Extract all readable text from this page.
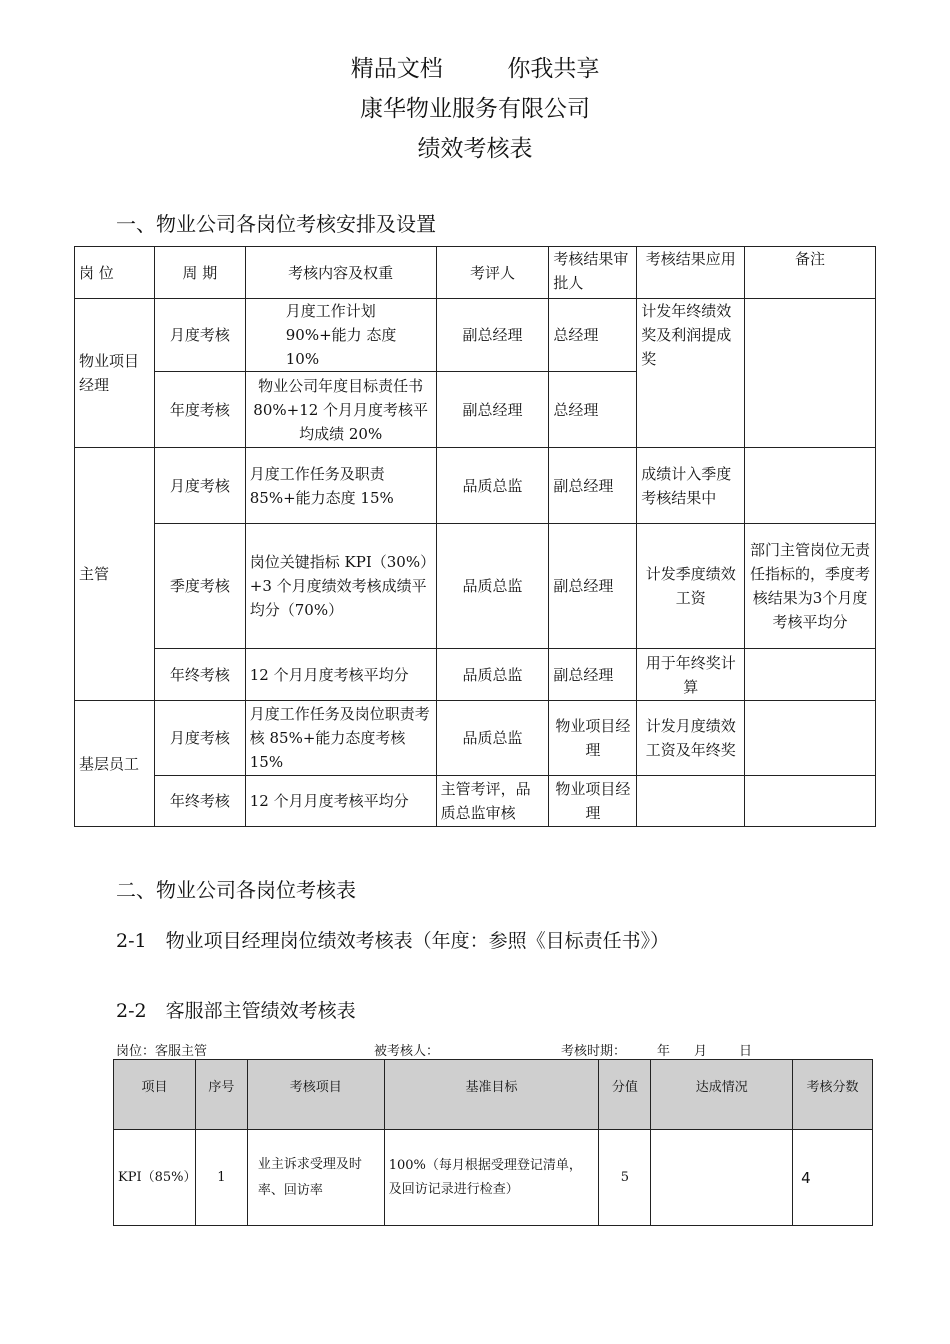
精品文档	你我共享
康华物业服务有限公司
绩效考核表
一、物业公司各岗位考核安排及设置
岗 位	周 期	考核内容及权重	考评人	考核结果审批人	考核结果应用	备注
物业项目经理	月度考核	月度工作计划 90%+能力 态度 10%	副总经理	总经理	计发年终绩效奖及利润提成奖	
	年度考核	物业公司年度目标责任书 80%+12 个月月度考核平均成绩 20%	副总经理	总经理		
主管	月度考核	月度工作任务及职责 85%+能力态度 15%	品质总监	副总经理	成绩计入季度考核结果中	
	季度考核	岗位关键指标 KPI（30%）+3 个月度绩效考核成绩平均分（70%）	品质总监	副总经理	计发季度绩效工资	部门主管岗位无责任指标的，季度考核结果为3个月度考核平均分
	年终考核	12 个月月度考核平均分	品质总监	副总经理	用于年终奖计算	
基层员工	月度考核	月度工作任务及岗位职责考核 85%+能力态度考核 15%	品质总监	物业项目经理	计发月度绩效工资及年终奖	
	年终考核	12 个月月度考核平均分	主管考评，品质总监审核	物业项目经理		
二、物业公司各岗位考核表
2-1　物业项目经理岗位绩效考核表（年度：参照《目标责任书》）
2-2　客服部主管绩效考核表
岗位：客服主管	被考核人：	考核时期： 年 月 日
项目	序号	考核项目	基准目标	分值	达成情况	考核分数
KPI（85%）	1	业主诉求受理及时率、回访率	100%（每月根据受理登记清单，及回访记录进行检查）	5		4
